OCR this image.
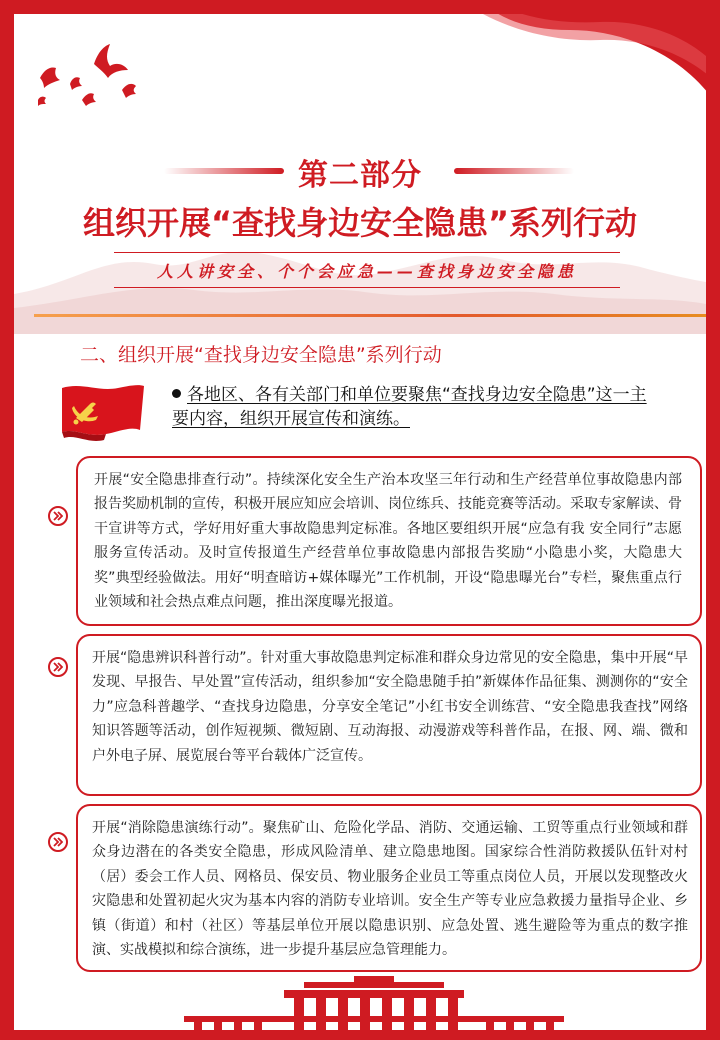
第二部分
组织开展“查找身边安全隐患”系列行动
人人讲安全、个个会应急——查找身边安全隐患
二、组织开展“查找身边安全隐患”系列行动
各地区、各有关部门和单位要聚焦“查找身边安全隐患”这一主要内容，组织开展宣传和演练。

开展“安全隐患排查行动”。持续深化安全生产治本攻坚三年行动和生产经营单位事故隐患内部报告奖励机制的宣传，积极开展应知应会培训、岗位练兵、技能竞赛等活动。采取专家解读、骨干宣讲等方式，学好用好重大事故隐患判定标准。各地区要组织开展“应急有我 安全同行”志愿服务宣传活动。及时宣传报道生产经营单位事故隐患内部报告奖励“小隐患小奖，大隐患大奖”典型经验做法。用好“明查暗访+媒体曝光”工作机制，开设“隐患曝光台”专栏，聚焦重点行业领域和社会热点难点问题，推出深度曝光报道。

开展“隐患辨识科普行动”。针对重大事故隐患判定标准和群众身边常见的安全隐患，集中开展“早发现、早报告、早处置”宣传活动，组织参加“安全隐患随手拍”新媒体作品征集、测测你的“安全力”应急科普趣学、“查找身边隐患，分享安全笔记”小红书安全训练营、“安全隐患我查找”网络知识答题等活动，创作短视频、微短剧、互动海报、动漫游戏等科普作品，在报、网、端、微和户外电子屏、展览展台等平台载体广泛宣传。

开展“消除隐患演练行动”。聚焦矿山、危险化学品、消防、交通运输、工贸等重点行业领域和群众身边潜在的各类安全隐患，形成风险清单、建立隐患地图。国家综合性消防救援队伍针对村（居）委会工作人员、网格员、保安员、物业服务企业员工等重点岗位人员，开展以发现整改火灾隐患和处置初起火灾为基本内容的消防专业培训。安全生产等专业应急救援力量指导企业、乡镇（街道）和村（社区）等基层单位开展以隐患识别、应急处置、逃生避险等为重点的数字推演、实战模拟和综合演练，进一步提升基层应急管理能力。
